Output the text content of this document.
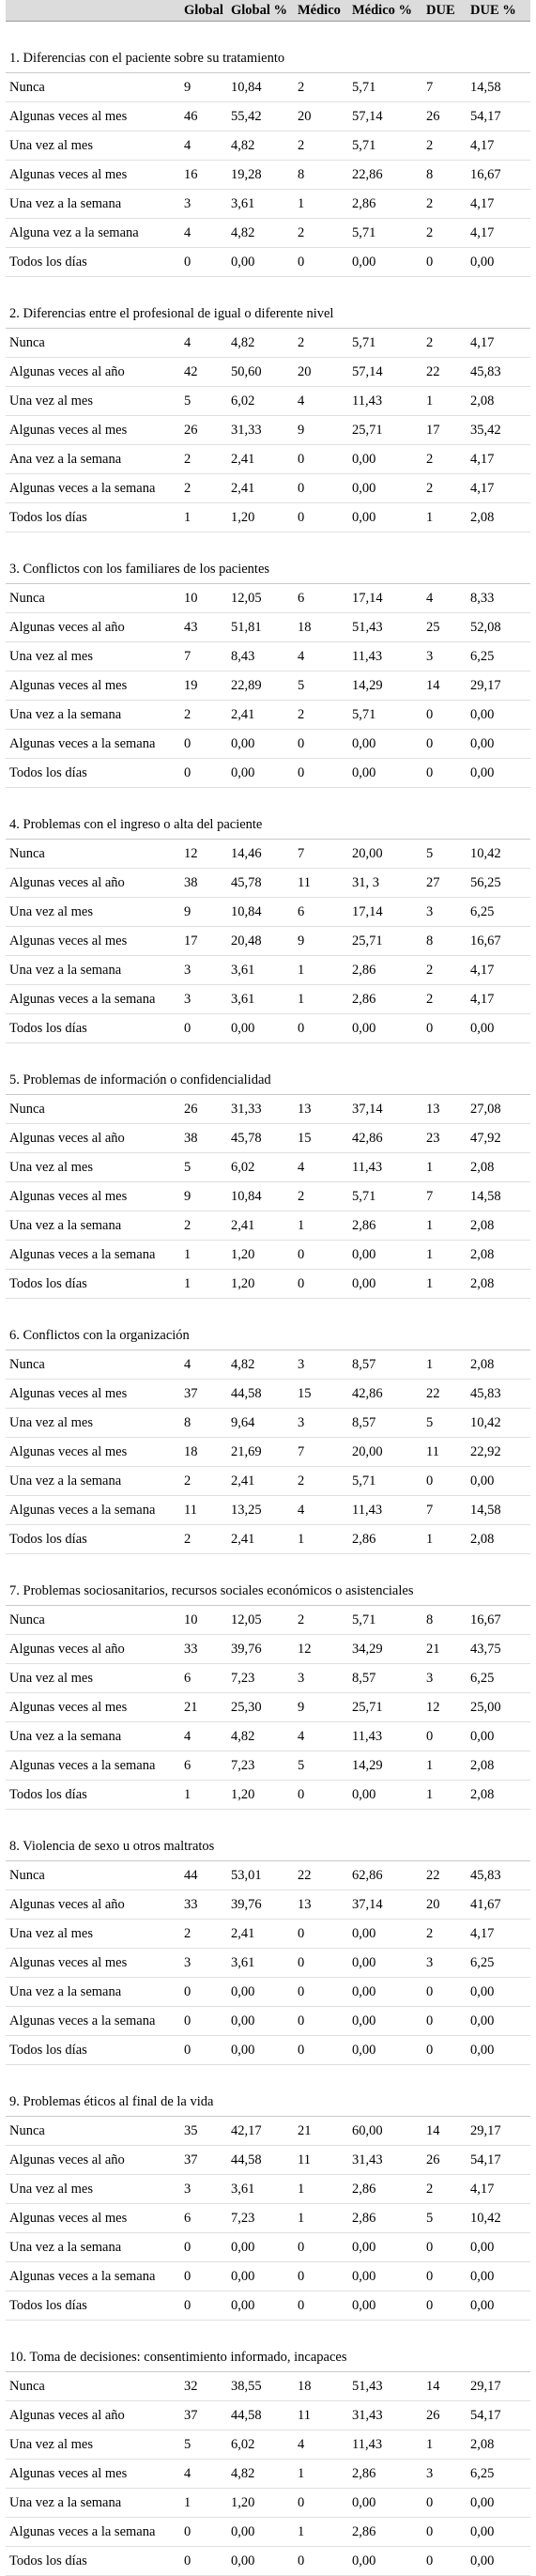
	Global	Global %	Médico	Médico %	DUE	DUE %
1. Diferencias con el paciente sobre su tratamiento						
Nunca	9	10,84	2	5,71	7	14,58
Algunas veces al mes	46	55,42	20	57,14	26	54,17
Una vez al mes	4	4,82	2	5,71	2	4,17
Algunas veces al mes	16	19,28	8	22,86	8	16,67
Una vez a la semana	3	3,61	1	2,86	2	4,17
Alguna vez a la semana	4	4,82	2	5,71	2	4,17
Todos los días	0	0,00	0	0,00	0	0,00
2. Diferencias entre el profesional de igual o diferente nivel						
Nunca	4	4,82	2	5,71	2	4,17
Algunas veces al año	42	50,60	20	57,14	22	45,83
Una vez al mes	5	6,02	4	11,43	1	2,08
Algunas veces al mes	26	31,33	9	25,71	17	35,42
Ana vez a la semana	2	2,41	0	0,00	2	4,17
Algunas veces a la semana	2	2,41	0	0,00	2	4,17
Todos los días	1	1,20	0	0,00	1	2,08
3. Conflictos con los familiares de los pacientes						
Nunca	10	12,05	6	17,14	4	8,33
Algunas veces al año	43	51,81	18	51,43	25	52,08
Una vez al mes	7	8,43	4	11,43	3	6,25
Algunas veces al mes	19	22,89	5	14,29	14	29,17
Una vez a la semana	2	2,41	2	5,71	0	0,00
Algunas veces a la semana	0	0,00	0	0,00	0	0,00
Todos los días	0	0,00	0	0,00	0	0,00
4. Problemas con el ingreso o alta del paciente						
Nunca	12	14,46	7	20,00	5	10,42
Algunas veces al año	38	45,78	11	31, 3	27	56,25
Una vez al mes	9	10,84	6	17,14	3	6,25
Algunas veces al mes	17	20,48	9	25,71	8	16,67
Una vez a la semana	3	3,61	1	2,86	2	4,17
Algunas veces a la semana	3	3,61	1	2,86	2	4,17
Todos los días	0	0,00	0	0,00	0	0,00
5. Problemas de información o confidencialidad						
Nunca	26	31,33	13	37,14	13	27,08
Algunas veces al año	38	45,78	15	42,86	23	47,92
Una vez al mes	5	6,02	4	11,43	1	2,08
Algunas veces al mes	9	10,84	2	5,71	7	14,58
Una vez a la semana	2	2,41	1	2,86	1	2,08
Algunas veces a la semana	1	1,20	0	0,00	1	2,08
Todos los días	1	1,20	0	0,00	1	2,08
6. Conflictos con la organización						
Nunca	4	4,82	3	8,57	1	2,08
Algunas veces al mes	37	44,58	15	42,86	22	45,83
Una vez al mes	8	9,64	3	8,57	5	10,42
Algunas veces al mes	18	21,69	7	20,00	11	22,92
Una vez a la semana	2	2,41	2	5,71	0	0,00
Algunas veces a la semana	11	13,25	4	11,43	7	14,58
Todos los días	2	2,41	1	2,86	1	2,08
7. Problemas sociosanitarios, recursos sociales económicos o asistenciales						
Nunca	10	12,05	2	5,71	8	16,67
Algunas veces al año	33	39,76	12	34,29	21	43,75
Una vez al mes	6	7,23	3	8,57	3	6,25
Algunas veces al mes	21	25,30	9	25,71	12	25,00
Una vez a la semana	4	4,82	4	11,43	0	0,00
Algunas veces a la semana	6	7,23	5	14,29	1	2,08
Todos los días	1	1,20	0	0,00	1	2,08
8. Violencia de sexo u otros maltratos						
Nunca	44	53,01	22	62,86	22	45,83
Algunas veces al año	33	39,76	13	37,14	20	41,67
Una vez al mes	2	2,41	0	0,00	2	4,17
Algunas veces al mes	3	3,61	0	0,00	3	6,25
Una vez a la semana	0	0,00	0	0,00	0	0,00
Algunas veces a la semana	0	0,00	0	0,00	0	0,00
Todos los días	0	0,00	0	0,00	0	0,00
9. Problemas éticos al final de la vida						
Nunca	35	42,17	21	60,00	14	29,17
Algunas veces al año	37	44,58	11	31,43	26	54,17
Una vez al mes	3	3,61	1	2,86	2	4,17
Algunas veces al mes	6	7,23	1	2,86	5	10,42
Una vez a la semana	0	0,00	0	0,00	0	0,00
Algunas veces a la semana	0	0,00	0	0,00	0	0,00
Todos los días	0	0,00	0	0,00	0	0,00
10. Toma de decisiones: consentimiento informado, incapaces						
Nunca	32	38,55	18	51,43	14	29,17
Algunas veces al año	37	44,58	11	31,43	26	54,17
Una vez al mes	5	6,02	4	11,43	1	2,08
Algunas veces al mes	4	4,82	1	2,86	3	6,25
Una vez a la semana	1	1,20	0	0,00	0	0,00
Algunas veces a la semana	0	0,00	1	2,86	0	0,00
Todos los días	0	0,00	0	0,00	0	0,00
